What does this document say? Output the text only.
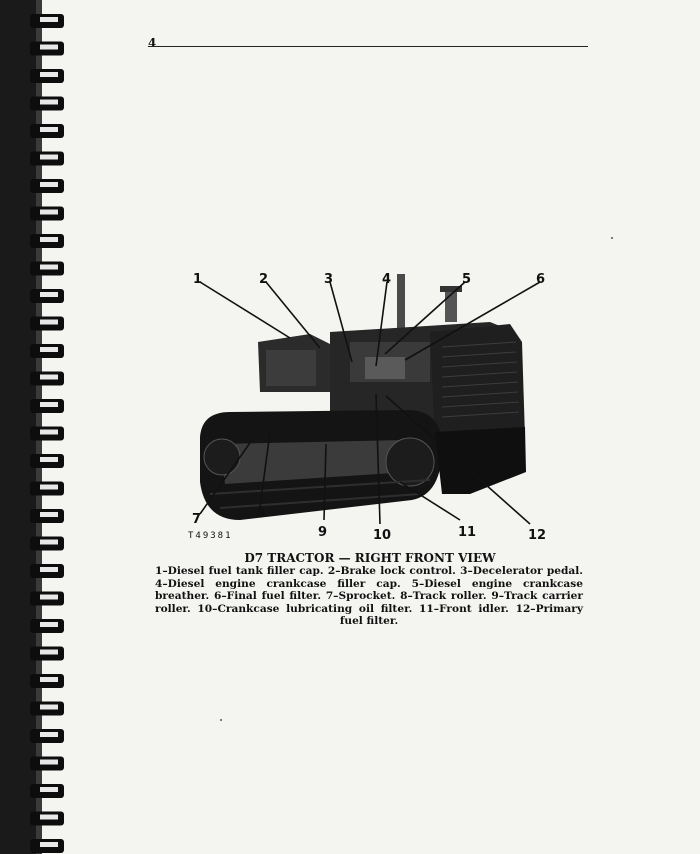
4
1	2	3	4	5	6
7	8
9	10	11	12
T49381
D7 TRACTOR — RIGHT FRONT VIEW
1–Diesel fuel tank filler cap. 2–Brake lock control. 3–Decelerator pedal. 4–Diesel engine crankcase filler cap. 5–Diesel engine crankcase breather. 6–Final fuel filter. 7–Sprocket. 8–Track roller. 9–Track carrier roller. 10–Crankcase lubricating oil filter. 11–Front idler. 12–Primary fuel filter.
